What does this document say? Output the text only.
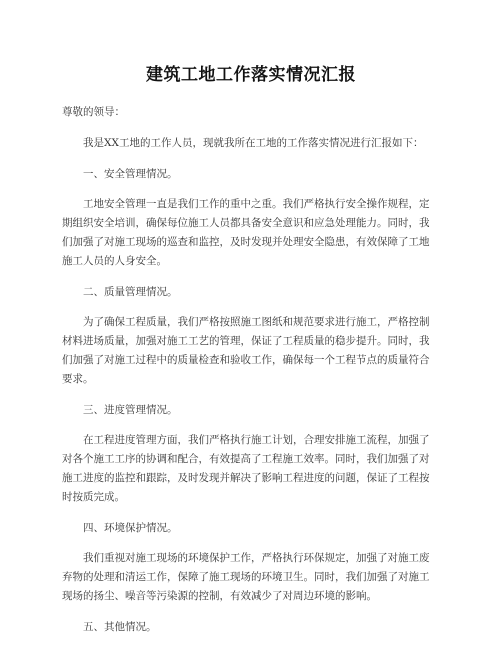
建筑工地工作落实情况汇报

尊敬的领导：

我是XX工地的工作人员，现就我所在工地的工作落实情况进行汇报如下：

一、安全管理情况。

工地安全管理一直是我们工作的重中之重。我们严格执行安全操作规程，定期组织安全培训，确保每位施工人员都具备安全意识和应急处理能力。同时，我们加强了对施工现场的巡查和监控，及时发现并处理安全隐患，有效保障了工地施工人员的人身安全。

二、质量管理情况。

为了确保工程质量，我们严格按照施工图纸和规范要求进行施工，严格控制材料进场质量，加强对施工工艺的管理，保证了工程质量的稳步提升。同时，我们加强了对施工过程中的质量检查和验收工作，确保每一个工程节点的质量符合要求。

三、进度管理情况。

在工程进度管理方面，我们严格执行施工计划，合理安排施工流程，加强了对各个施工工序的协调和配合，有效提高了工程施工效率。同时，我们加强了对施工进度的监控和跟踪，及时发现并解决了影响工程进度的问题，保证了工程按时按质完成。

四、环境保护情况。

我们重视对施工现场的环境保护工作，严格执行环保规定，加强了对施工废弃物的处理和清运工作，保障了施工现场的环境卫生。同时，我们加强了对施工现场的扬尘、噪音等污染源的控制，有效减少了对周边环境的影响。

五、其他情况。
